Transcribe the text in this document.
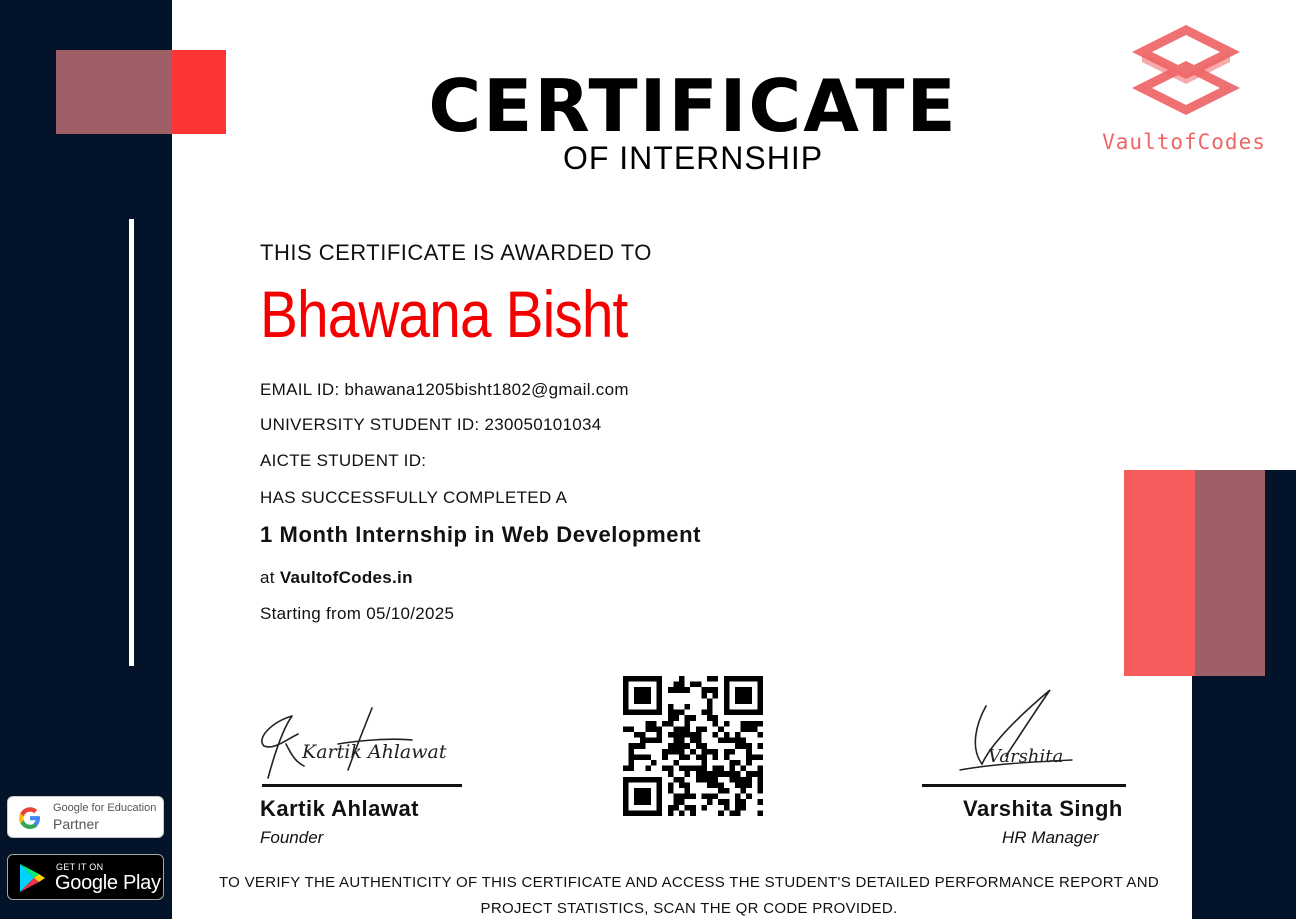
CERTIFICATE
OF INTERNSHIP	VaultofCodes
THIS CERTIFICATE IS AWARDED TO
Bhawana Bisht
EMAIL ID: bhawana1205bisht1802@gmail.com
UNIVERSITY STUDENT ID: 230050101034
AICTE STUDENT ID:
HAS SUCCESSFULLY COMPLETED A
1 Month Internship in Web Development
at VaultofCodes.in
Starting from 05/10/2025
Kartik Ahlawat
Kartik Ahlawat
Founder
Varshita
Varshita Singh
HR Manager
TO VERIFY THE AUTHENTICITY OF THIS CERTIFICATE AND ACCESS THE STUDENT'S DETAILED PERFORMANCE REPORT AND
PROJECT STATISTICS, SCAN THE QR CODE PROVIDED.
Google for Education
Partner
GET IT ON
Google Play
